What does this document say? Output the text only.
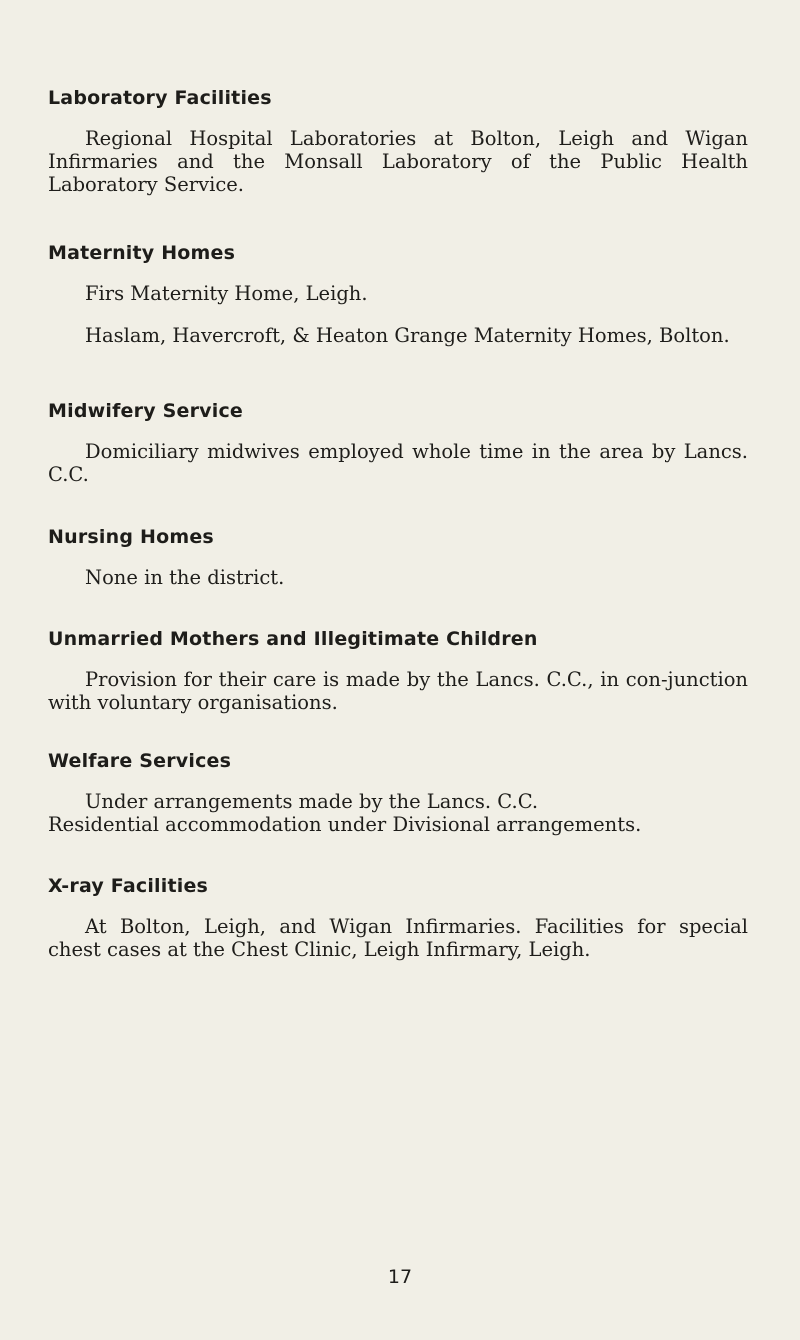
Laboratory Facilities

Regional Hospital Laboratories at Bolton, Leigh and Wigan Infirmaries and the Monsall Laboratory of the Public Health Laboratory Service.

Maternity Homes

Firs Maternity Home, Leigh.

Haslam, Havercroft, & Heaton Grange Maternity Homes, Bolton.

Midwifery Service

Domiciliary midwives employed whole time in the area by Lancs. C.C.

Nursing Homes

None in the district.

Unmarried Mothers and Illegitimate Children

Provision for their care is made by the Lancs. C.C., in con-junction with voluntary organisations.

Welfare Services

Under arrangements made by the Lancs. C.C.

Residential accommodation under Divisional arrangements.

X-ray Facilities

At Bolton, Leigh, and Wigan Infirmaries. Facilities for special chest cases at the Chest Clinic, Leigh Infirmary, Leigh.

17
